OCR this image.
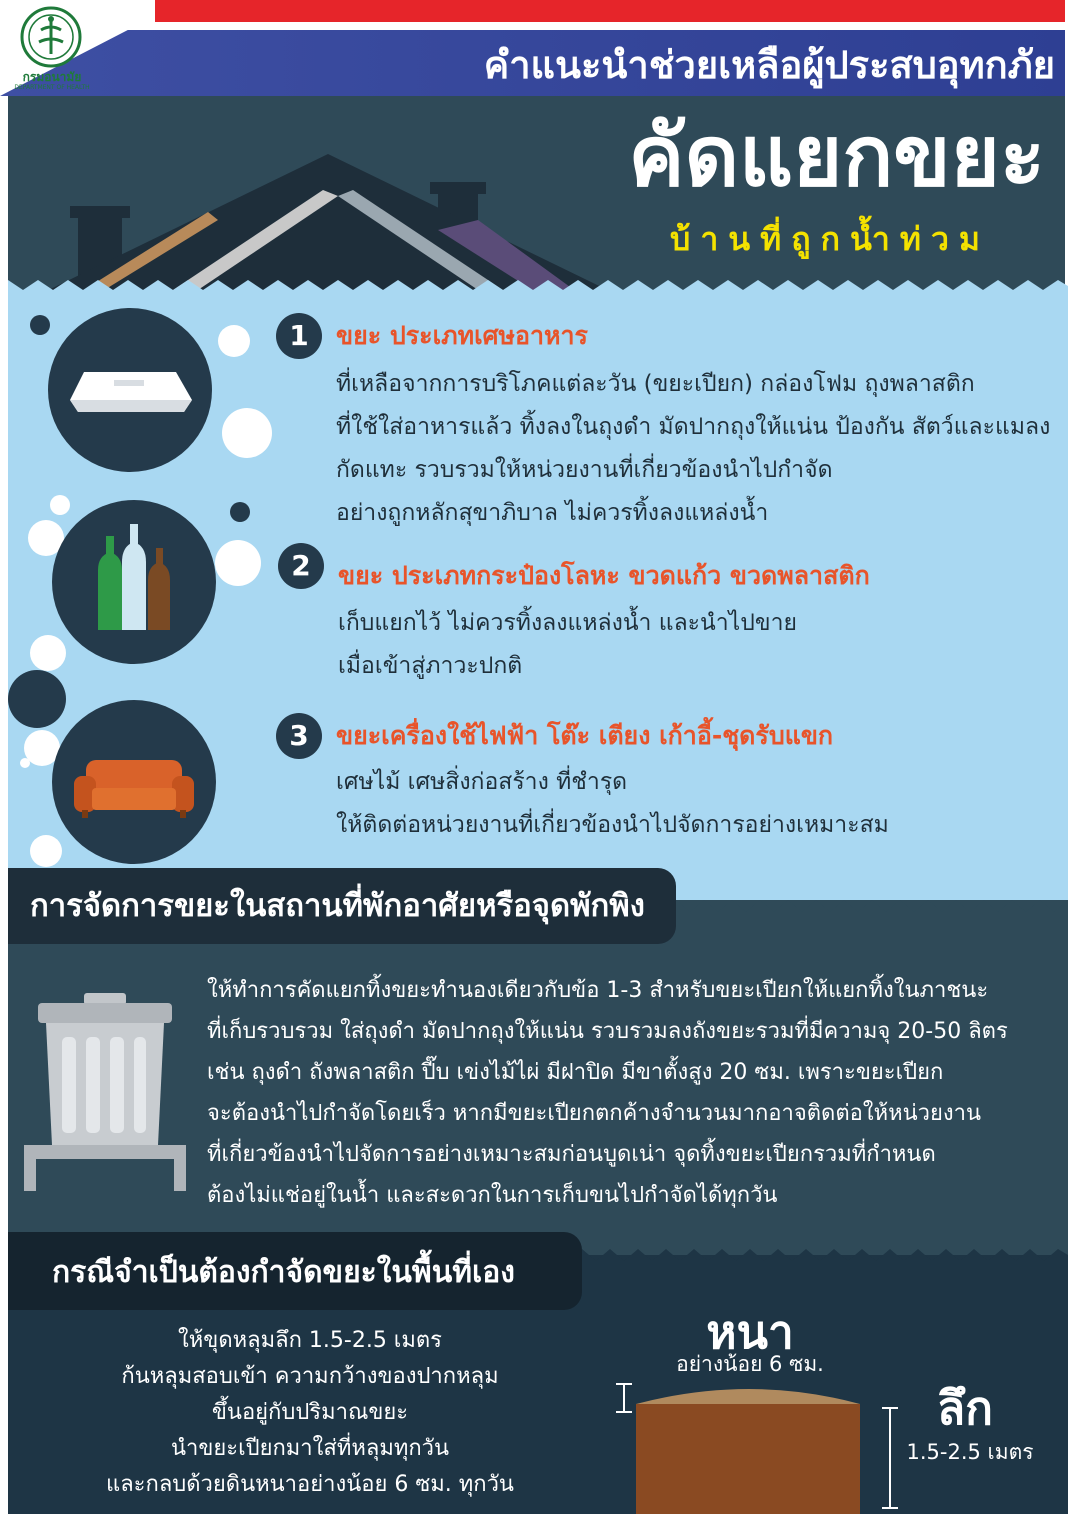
คำแนะนำช่วยเหลือผู้ประสบอุทกภัย
กรมอนามัย
DEPARTMENT OF HEALTH
คัดแยกขยะ
บ้านที่ถูกน้ำท่วม
1	ขยะ ประเภทเศษอาหาร
ที่เหลือจากการบริโภคแต่ละวัน (ขยะเปียก) กล่องโฟม ถุงพลาสติก
ที่ใช้ใส่อาหารแล้ว ทิ้งลงในถุงดำ มัดปากถุงให้แน่น ป้องกัน สัตว์และแมลง
กัดแทะ รวบรวมให้หน่วยงานที่เกี่ยวข้องนำไปกำจัด
อย่างถูกหลักสุขาภิบาล ไม่ควรทิ้งลงแหล่งน้ำ
2	ขยะ ประเภทกระป๋องโลหะ ขวดแก้ว ขวดพลาสติก
เก็บแยกไว้ ไม่ควรทิ้งลงแหล่งน้ำ และนำไปขาย
เมื่อเข้าสู่ภาวะปกติ
3	ขยะเครื่องใช้ไฟฟ้า โต๊ะ เตียง เก้าอี้-ชุดรับแขก
เศษไม้ เศษสิ่งก่อสร้าง ที่ชำรุด
ให้ติดต่อหน่วยงานที่เกี่ยวข้องนำไปจัดการอย่างเหมาะสม
การจัดการขยะในสถานที่พักอาศัยหรือจุดพักพิง
ให้ทำการคัดแยกทิ้งขยะทำนองเดียวกับข้อ 1-3 สำหรับขยะเปียกให้แยกทิ้งในภาชนะ
ที่เก็บรวบรวม ใส่ถุงดำ มัดปากถุงให้แน่น รวบรวมลงถังขยะรวมที่มีความจุ 20-50 ลิตร
เช่น ถุงดำ ถังพลาสติก ปี๊บ เข่งไม้ไผ่ มีฝาปิด มีขาตั้งสูง 20 ซม. เพราะขยะเปียก
จะต้องนำไปกำจัดโดยเร็ว หากมีขยะเปียกตกค้างจำนวนมากอาจติดต่อให้หน่วยงาน
ที่เกี่ยวข้องนำไปจัดการอย่างเหมาะสมก่อนบูดเน่า จุดทิ้งขยะเปียกรวมที่กำหนด
ต้องไม่แช่อยู่ในน้ำ และสะดวกในการเก็บขนไปกำจัดได้ทุกวัน
กรณีจำเป็นต้องกำจัดขยะในพื้นที่เอง
ให้ขุดหลุมลึก 1.5-2.5 เมตร
ก้นหลุมสอบเข้า ความกว้างของปากหลุม
ขึ้นอยู่กับปริมาณขยะ
นำขยะเปียกมาใส่ที่หลุมทุกวัน
และกลบด้วยดินหนาอย่างน้อย 6 ซม. ทุกวัน
หนา
อย่างน้อย 6 ซม.
ลึก
1.5-2.5 เมตร
